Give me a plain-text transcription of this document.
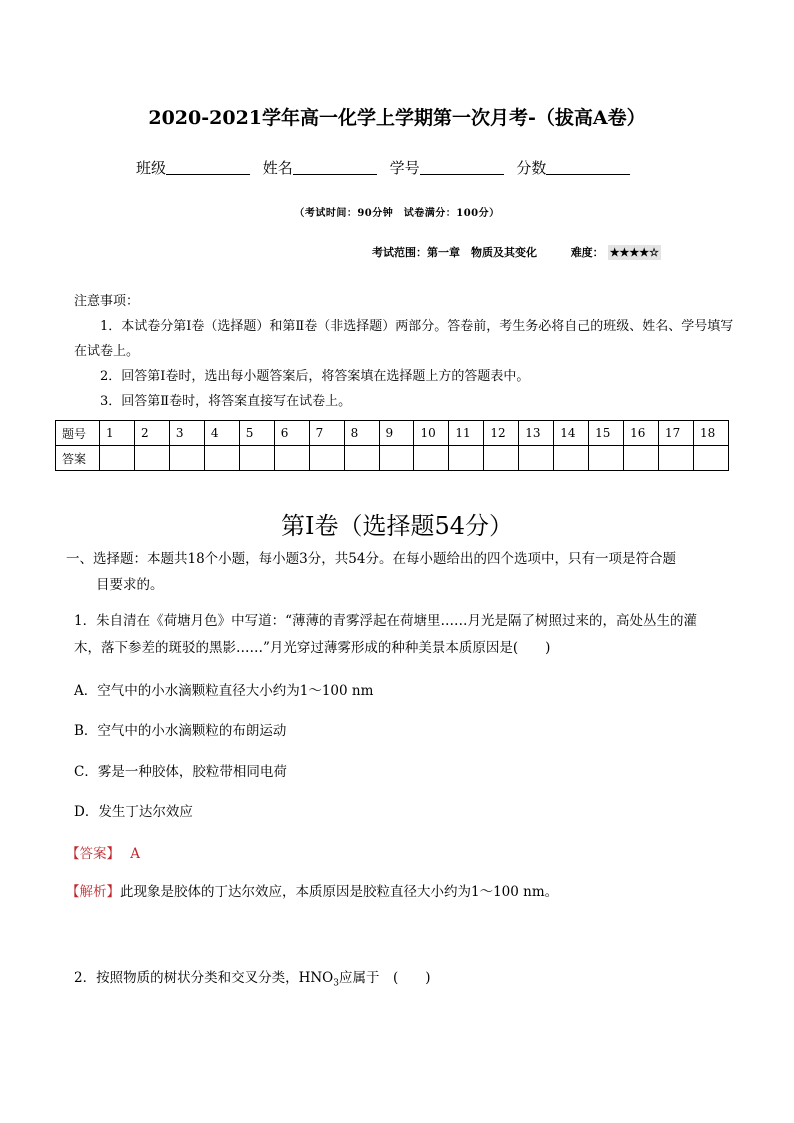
2020-2021学年高一化学上学期第一次月考-（拔高A卷）
班级	姓名	学号	分数
（考试时间：90分钟　试卷满分：100分）
考试范围：第一章　物质及其变化	难度： ★★★★☆

注意事项：

1．本试卷分第Ⅰ卷（选择题）和第Ⅱ卷（非选择题）两部分。答卷前，考生务必将自己的班级、姓名、学号填写在试卷上。

2．回答第Ⅰ卷时，选出每小题答案后，将答案填在选择题上方的答题表中。

3．回答第Ⅱ卷时，将答案直接写在试卷上。

题号	1	2	3	4	5	6	7	8	9	10	11	12	13	14	15	16	17	18
答案																		
第Ⅰ卷（选择题54分）

一、选择题：本题共18个小题，每小题3分，共54分。在每小题给出的四个选项中，只有一项是符合题

目要求的。

1．朱自清在《荷塘月色》中写道：“薄薄的青雾浮起在荷塘里……月光是隔了树照过来的，高处丛生的灌

木，落下参差的斑驳的黑影……”月光穿过薄雾形成的种种美景本质原因是(　　)

A．空气中的小水滴颗粒直径大小约为1～100 nm
B．空气中的小水滴颗粒的布朗运动
C．雾是一种胶体，胶粒带相同电荷
D．发生丁达尔效应
【答案】 A
【解析】此现象是胶体的丁达尔效应，本质原因是胶粒直径大小约为1～100 nm。
2．按照物质的树状分类和交叉分类，$HNO_3$应属于　(　　)
